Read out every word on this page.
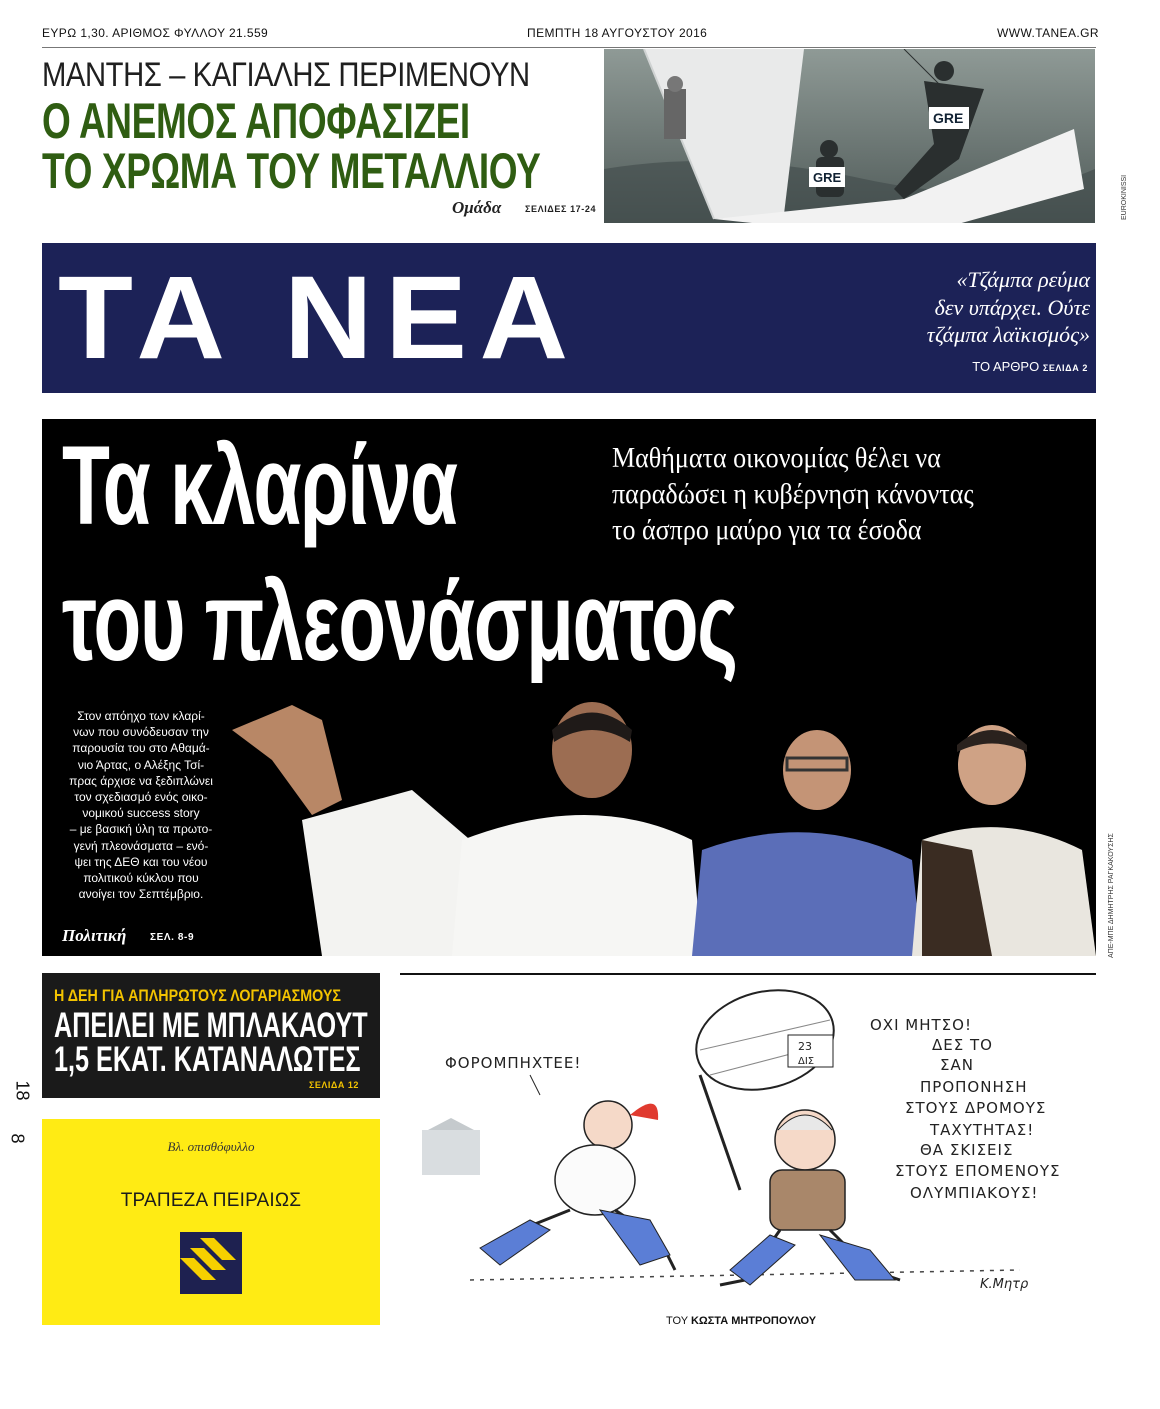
ΕΥΡΩ 1,30. ΑΡΙΘΜΟΣ ΦΥΛΛΟΥ 21.559	ΠΕΜΠΤΗ 18 ΑΥΓΟΥΣΤΟΥ 2016	WWW.TANEA.GR
ΜΑΝΤΗΣ – ΚΑΓΙΑΛΗΣ ΠΕΡΙΜΕΝΟΥΝ
Ο ΑΝΕΜΟΣ ΑΠΟΦΑΣΙΖΕΙ
ΤΟ ΧΡΩΜΑ ΤΟΥ ΜΕΤΑΛΛΙΟΥ
Ομάδα	ΣΕΛΙΔΕΣ 17-24
GRE
GRE
EUROKINISSI
ΤΑ ΝΕΑ	«Τζάμπα ρεύμα
δεν υπάρχει. Ούτε
τζάμπα λαϊκισμός»
ΤΟ ΑΡΘΡΟ ΣΕΛΙΔΑ 2
Τα κλαρίνα
του πλεονάσματος
Μαθήματα οικονομίας θέλει να
παραδώσει η κυβέρνηση κάνοντας
το άσπρο μαύρο για τα έσοδα

Στον απόηχο των κλαρί-

νων που συνόδευσαν την

παρουσία του στο Αθαμά-

νιο Άρτας, ο Αλέξης Τσί-

πρας άρχισε να ξεδιπλώνει

τον σχεδιασμό ενός οικο-

νομικού success story

– με βασική ύλη τα πρωτο-

γενή πλεονάσματα – ενό-

ψει της ΔΕΘ και του νέου

πολιτικού κύκλου που

ανοίγει τον Σεπτέμβριο.

Πολιτική ΣΕΛ. 8-9	ΑΠΕ-ΜΠΕ ΔΗΜΗΤΡΗΣ ΡΑΓΚΑΚΟΥΣΗΣ
Η ΔΕΗ ΓΙΑ ΑΠΛΗΡΩΤΟΥΣ ΛΟΓΑΡΙΑΣΜΟΥΣ
ΑΠΕΙΛΕΙ ΜΕ ΜΠΛΑΚΑΟΥΤ
1,5 ΕΚΑΤ. ΚΑΤΑΝΑΛΩΤΕΣ
ΣΕΛΙΔΑ 12
18
8
Βλ. οπισθόφυλλο
ΤΡΑΠΕΖΑ ΠΕΙΡΑΙΩΣ
23
ΔΙΣ
ΦΟΡΟΜΠΗΧΤΕΕ!
ΟΧΙ ΜΗΤΣΟ!
ΔΕΣ ΤΟ
ΣΑΝ
ΠΡΟΠΟΝΗΣΗ
ΣΤΟΥΣ ΔΡΟΜΟΥΣ
ΤΑΧΥΤΗΤΑΣ!
ΘΑ ΣΚΙΣΕΙΣ
ΣΤΟΥΣ ΕΠΟΜΕΝΟΥΣ
ΟΛΥΜΠΙΑΚΟΥΣ!
Κ.Μητρ
ΤΟΥ ΚΩΣΤΑ ΜΗΤΡΟΠΟΥΛΟΥ
